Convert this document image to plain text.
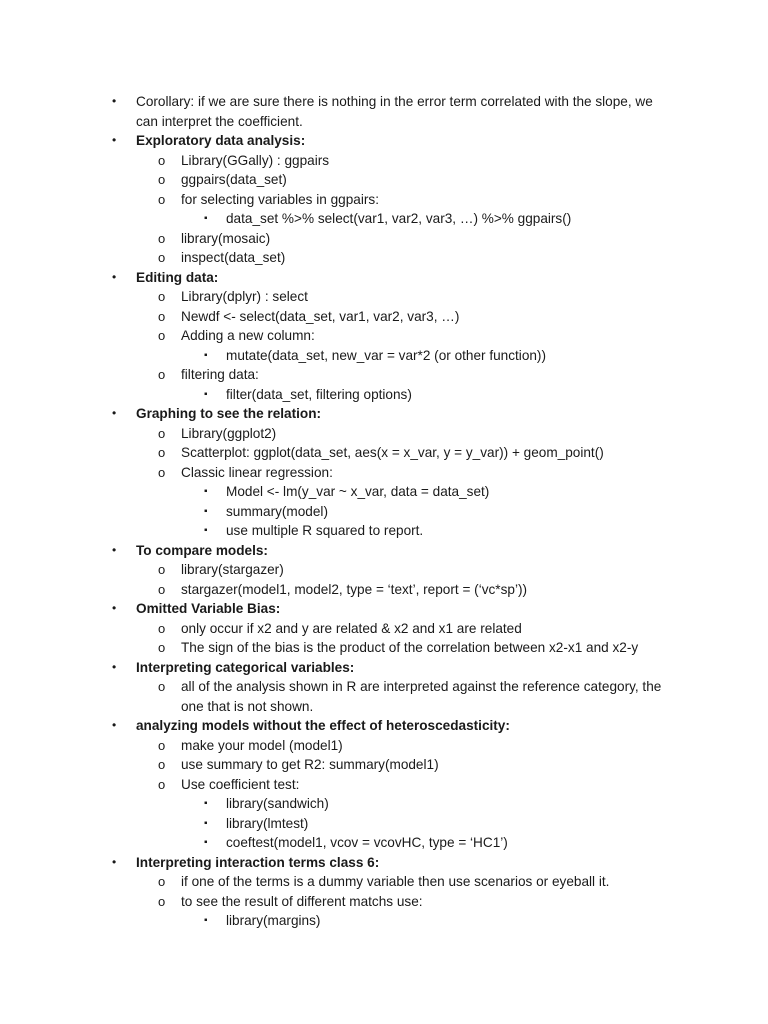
• Corollary: if we are sure there is nothing in the error term correlated with the slope, we
can interpret the coefficient.
• Exploratory data analysis:
o Library(GGally) : ggpairs
o ggpairs(data_set)
o for selecting variables in ggpairs:
▪ data_set %>% select(var1, var2, var3, …) %>% ggpairs()
o library(mosaic)
o inspect(data_set)
• Editing data:
o Library(dplyr) : select
o Newdf <- select(data_set, var1, var2, var3, …)
o Adding a new column:
▪ mutate(data_set, new_var = var*2 (or other function))
o filtering data:
▪ filter(data_set, filtering options)
• Graphing to see the relation:
o Library(ggplot2)
o Scatterplot: ggplot(data_set, aes(x = x_var, y = y_var)) + geom_point()
o Classic linear regression:
▪ Model <- lm(y_var ~ x_var, data = data_set)
▪ summary(model)
▪ use multiple R squared to report.
• To compare models:
o library(stargazer)
o stargazer(model1, model2, type = ‘text’, report = (‘vc*sp’))
• Omitted Variable Bias:
o only occur if x2 and y are related & x2 and x1 are related
o The sign of the bias is the product of the correlation between x2-x1 and x2-y
• Interpreting categorical variables:
o all of the analysis shown in R are interpreted against the reference category, the
one that is not shown.
• analyzing models without the effect of heteroscedasticity:
o make your model (model1)
o use summary to get R2: summary(model1)
o Use coefficient test:
▪ library(sandwich)
▪ library(lmtest)
▪ coeftest(model1, vcov = vcovHC, type = ‘HC1’)
• Interpreting interaction terms class 6:
o if one of the terms is a dummy variable then use scenarios or eyeball it.
o to see the result of different matchs use:
▪ library(margins)
